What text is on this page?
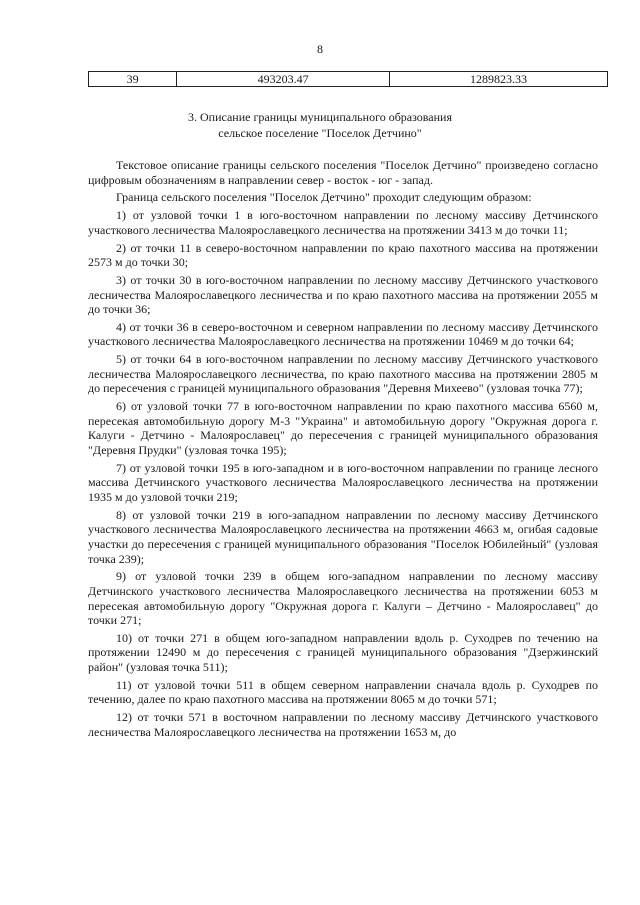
8
39	493203.47	1289823.33
3. Описание границы муниципального образования
сельское поселение "Поселок Детчино"

Текстовое описание границы сельского поселения "Поселок Детчино" произведено согласно цифровым обозначениям в направлении север - восток - юг - запад.

Граница сельского поселения "Поселок Детчино" проходит следующим образом:

1) от узловой точки 1 в юго-восточном направлении по лесному массиву Детчинского участкового лесничества Малоярославецкого лесничества на протяжении 3413 м до точки 11;

2) от точки 11 в северо-восточном направлении по краю пахотного массива на протяжении 2573 м до точки 30;

3) от точки 30 в юго-восточном направлении по лесному массиву Детчинского участкового лесничества Малоярославецкого лесничества и по краю пахотного массива на протяжении 2055 м до точки 36;

4) от точки 36 в северо-восточном и северном направлении по лесному массиву Детчинского участкового лесничества Малоярославецкого лесничества на протяжении 10469 м до точки 64;

5) от точки 64 в юго-восточном направлении по лесному массиву Детчинского участкового лесничества Малоярославецкого лесничества, по краю пахотного массива на протяжении 2805 м до пересечения с границей муниципального образования "Деревня Михеево" (узловая точка 77);

6) от узловой точки 77 в юго-восточном направлении по краю пахотного массива 6560 м, пересекая автомобильную дорогу М-3 "Украина" и автомобильную дорогу "Окружная дорога г. Калуги - Детчино - Малоярославец" до пересечения с границей муниципального образования "Деревня Прудки" (узловая точка 195);

7) от узловой точки 195 в юго-западном и в юго-восточном направлении по границе лесного массива Детчинского участкового лесничества Малоярославецкого лесничества на протяжении 1935 м до узловой точки 219;

8) от узловой точки 219 в юго-западном направлении по лесному массиву Детчинского участкового лесничества Малоярославецкого лесничества на протяжении 4663 м, огибая садовые участки до пересечения с границей муниципального образования "Поселок Юбилейный" (узловая точка 239);

9) от узловой точки 239 в общем юго-западном направлении по лесному массиву Детчинского участкового лесничества Малоярославецкого лесничества на протяжении 6053 м пересекая автомобильную дорогу "Окружная дорога г. Калуги – Детчино - Малоярославец" до точки 271;

10) от точки 271 в общем юго-западном направлении вдоль р. Суходрев по течению на протяжении 12490 м до пересечения с границей муниципального образования "Дзержинский район" (узловая точка 511);

11) от узловой точки 511 в общем северном направлении сначала вдоль р. Суходрев по течению, далее по краю пахотного массива на протяжении 8065 м до точки 571;

12) от точки 571 в восточном направлении по лесному массиву Детчинского участкового лесничества Малоярославецкого лесничества на протяжении 1653 м, до
